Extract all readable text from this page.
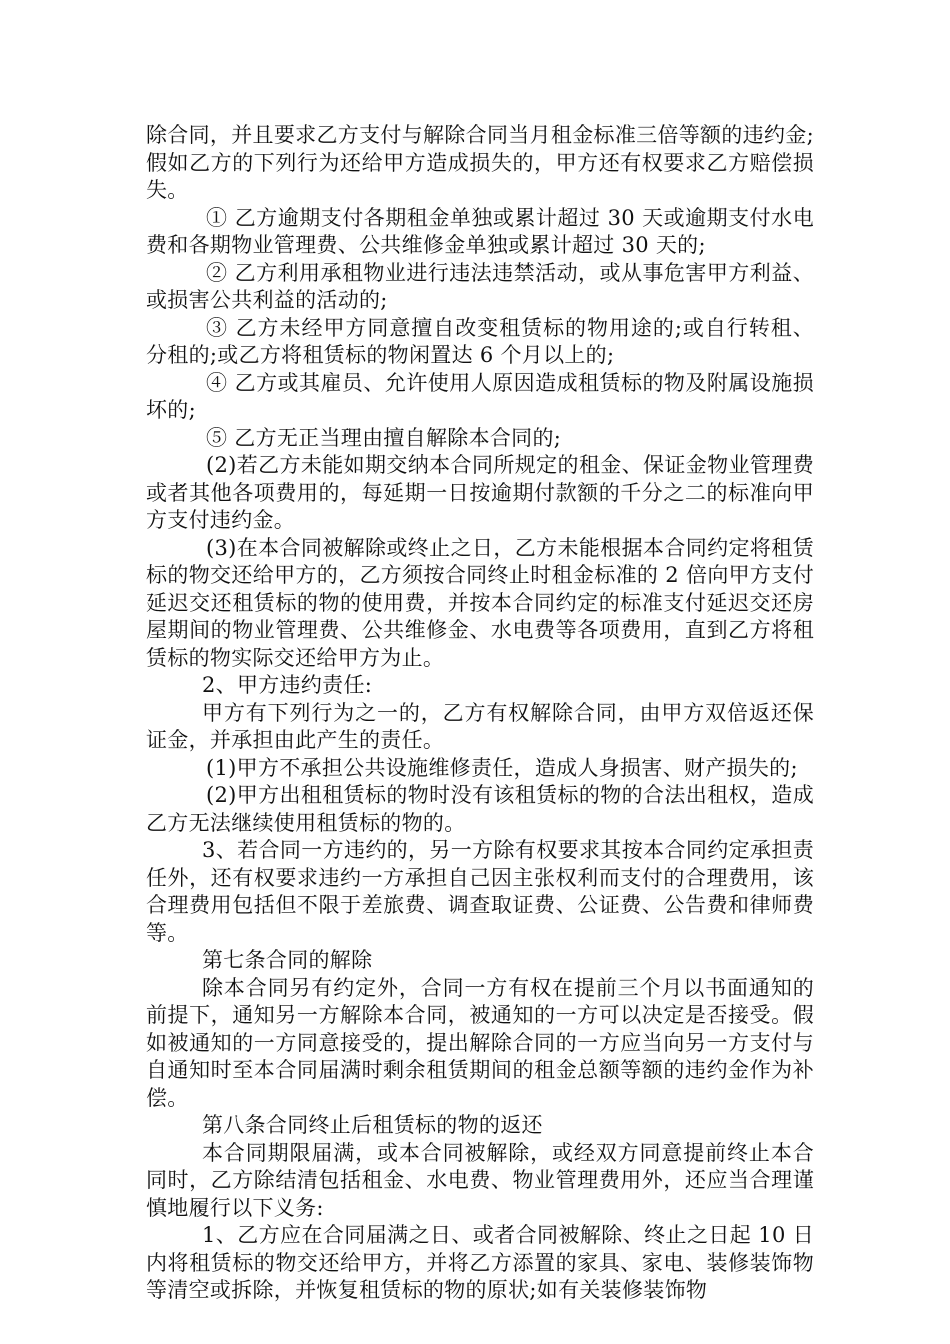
除合同，并且要求乙方支付与解除合同当月租金标准三倍等额的违约金;假如乙方的下列行为还给甲方造成损失的，甲方还有权要求乙方赔偿损失。

① 乙方逾期支付各期租金单独或累计超过 30 天或逾期支付水电费和各期物业管理费、公共维修金单独或累计超过 30 天的;

② 乙方利用承租物业进行违法违禁活动，或从事危害甲方利益、或损害公共利益的活动的;

③ 乙方未经甲方同意擅自改变租赁标的物用途的;或自行转租、分租的;或乙方将租赁标的物闲置达 6 个月以上的;

④ 乙方或其雇员、允许使用人原因造成租赁标的物及附属设施损坏的;

⑤ 乙方无正当理由擅自解除本合同的;

(2)若乙方未能如期交纳本合同所规定的租金、保证金物业管理费或者其他各项费用的，每延期一日按逾期付款额的千分之二的标准向甲方支付违约金。

(3)在本合同被解除或终止之日，乙方未能根据本合同约定将租赁标的物交还给甲方的，乙方须按合同终止时租金标准的 2 倍向甲方支付延迟交还租赁标的物的使用费，并按本合同约定的标准支付延迟交还房屋期间的物业管理费、公共维修金、水电费等各项费用，直到乙方将租赁标的物实际交还给甲方为止。

2、甲方违约责任:

甲方有下列行为之一的，乙方有权解除合同，由甲方双倍返还保证金，并承担由此产生的责任。

(1)甲方不承担公共设施维修责任，造成人身损害、财产损失的;

(2)甲方出租租赁标的物时没有该租赁标的物的合法出租权，造成乙方无法继续使用租赁标的物的。

3、若合同一方违约的，另一方除有权要求其按本合同约定承担责任外，还有权要求违约一方承担自己因主张权利而支付的合理费用，该合理费用包括但不限于差旅费、调查取证费、公证费、公告费和律师费等。

第七条合同的解除

除本合同另有约定外，合同一方有权在提前三个月以书面通知的前提下，通知另一方解除本合同，被通知的一方可以决定是否接受。假如被通知的一方同意接受的，提出解除合同的一方应当向另一方支付与自通知时至本合同届满时剩余租赁期间的租金总额等额的违约金作为补偿。

第八条合同终止后租赁标的物的返还

本合同期限届满，或本合同被解除，或经双方同意提前终止本合同时，乙方除结清包括租金、水电费、物业管理费用外，还应当合理谨慎地履行以下义务:

1、乙方应在合同届满之日、或者合同被解除、终止之日起 10 日内将租赁标的物交还给甲方，并将乙方添置的家具、家电、装修装饰物等清空或拆除，并恢复租赁标的物的原状;如有关装修装饰物
